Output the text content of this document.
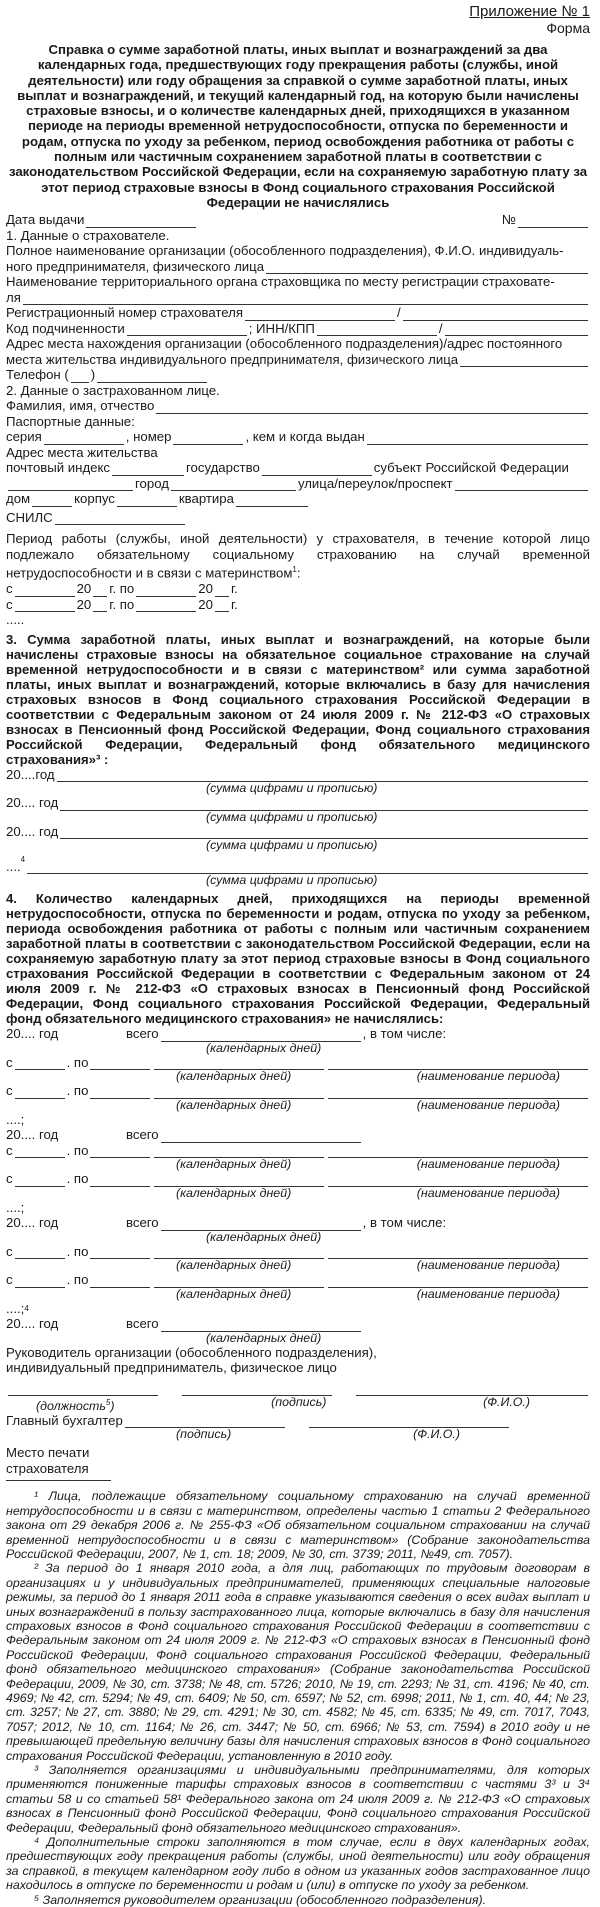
Приложение № 1
Форма
Справка о сумме заработной платы, иных выплат и вознаграждений за два календарных года, предшествующих году прекращения работы (службы, иной деятельности) или году обращения за справкой о сумме заработной платы, иных выплат и вознаграждений, и текущий календарный год, на которую были начислены страховые взносы, и о количестве календарных дней, приходящихся в указанном периоде на периоды временной нетрудоспособности, отпуска по беременности и родам, отпуска по уходу за ребенком, период освобождения работника от работы с полным или частичным сохранением заработной платы в соответствии с законодательством Российской Федерации, если на сохраняемую заработную плату за этот период страховые взносы в Фонд социального страхования Российской Федерации не начислялись
Дата выдачи	№
1. Данные о страхователе.
Полное наименование организации (обособленного подразделения), Ф.И.О. индивидуаль-
ного предпринимателя, физического лица
Наименование территориального органа страховщика по месту регистрации страховате-
ля
Регистрационный номер страхователя	/
Код подчиненности	; ИНН/КПП	/
Адрес места нахождения организации (обособленного подразделения)/адрес постоянного
места жительства индивидуального предпринимателя, физического лица
Телефон ( )
2. Данные о застрахованном лице.
Фамилия, имя, отчество
Паспортные данные:
серия	, номер	, кем и когда выдан
Адрес места жительства
почтовый индекс	государство	субъект Российской Федерации
город	улица/переулок/проспект
дом	корпус	квартира
СНИЛС
Период работы (службы, иной деятельности) у страхователя, в течение которой лицо подлежало обязательному социальному страхованию на случай временной нетрудоспособности и в связи с материнством$^1$:
с	20 г. по	20 г.
с	20 г. по	20 г.
.....
3. Сумма заработной платы, иных выплат и вознаграждений, на которые были начислены страховые взносы на обязательное социальное страхование на случай временной нетрудоспособности и в связи с материнством² или сумма заработной платы, иных выплат и вознаграждений, которые включались в базу для начисления страховых взносов в Фонд социального страхования Российской Федерации в соответствии с Федеральным законом от 24 июля 2009 г. № 212-ФЗ «О страховых взносах в Пенсионный фонд Российской Федерации, Фонд социального страхования Российской Федерации, Федеральный фонд обязательного медицинского страхования»³ :
20....год
(сумма цифрами и прописью)
20.... год
(сумма цифрами и прописью)
20.... год
(сумма цифрами и прописью)
....$^4$
(сумма цифрами и прописью)
4. Количество календарных дней, приходящихся на периоды временной нетрудоспособности, отпуска по беременности и родам, отпуска по уходу за ребенком, периода освобождения работника от работы с полным или частичным сохранением заработной платы в соответствии с законодательством Российской Федерации, если на сохраняемую заработную плату за этот период страховые взносы в Фонд социального страхования Российской Федерации в соответствии с Федеральным законом от 24 июля 2009 г. № 212-ФЗ «О страховых взносах в Пенсионный фонд Российской Федерации, Фонд социального страхования Российской Федерации, Федеральный фонд обязательного медицинского страхования» не начислялись:
20.... год	всего	, в том числе:
(календарных дней)
с	. по
(календарных дней)	(наименование периода)
с	. по
(календарных дней)	(наименование периода)
....;
20.... год	всего
с	. по
(календарных дней)	(наименование периода)
с	. по
(календарных дней)	(наименование периода)
....;
20.... год	всего	, в том числе:
(календарных дней)
с	. по
(календарных дней)	(наименование периода)
с	. по
(календарных дней)	(наименование периода)
....; 4
20.... год	всего
(календарных дней)
Руководитель организации (обособленного подразделения),
индивидуальный предприниматель, физическое лицо
(должность$^5$)	(подпись)	(Ф.И.О.)
Главный бухгалтер
(подпись)	(Ф.И.О.)
Место печати
страхователя
¹ Лица, подлежащие обязательному социальному страхованию на случай временной нетрудоспособности и в связи с материнством, определены частью 1 статьи 2 Федерального закона от 29 декабря 2006 г. № 255-ФЗ «Об обязательном социальном страховании на случай временной нетрудоспособности и в связи с материнством» (Собрание законодательства Российской Федерации, 2007, № 1, ст. 18; 2009, № 30, ст. 3739; 2011, №49, ст. 7057).
² За период до 1 января 2010 года, а для лиц, работающих по трудовым договорам в организациях и у индивидуальных предпринимателей, применяющих специальные налоговые режимы, за период до 1 января 2011 года в справке указываются сведения о всех видах выплат и иных вознаграждений в пользу застрахованного лица, которые включались в базу для начисления страховых взносов в Фонд социального страхования Российской Федерации в соответствии с Федеральным законом от 24 июля 2009 г. № 212-ФЗ «О страховых взносах в Пенсионный фонд Российской Федерации, Фонд социального страхования Российской Федерации, Федеральный фонд обязательного медицинского страхования» (Собрание законодательства Российской Федерации, 2009, № 30, ст. 3738; № 48, ст. 5726; 2010, № 19, ст. 2293; № 31, ст. 4196; № 40, ст. 4969; № 42, ст. 5294; № 49, ст. 6409; № 50, ст. 6597; № 52, ст. 6998; 2011, № 1, ст. 40, 44; № 23, ст. 3257; № 27, ст. 3880; № 29, ст. 4291; № 30, ст. 4582; № 45, ст. 6335; № 49, ст. 7017, 7043, 7057; 2012, № 10, ст. 1164; № 26, ст. 3447; № 50, ст. 6966; № 53, ст. 7594) в 2010 году и не превышающей предельную величину базы для начисления страховых взносов в Фонд социального страхования Российской Федерации, установленную в 2010 году.
³ Заполняется организациями и индивидуальными предпринимателями, для которых применяются пониженные тарифы страховых взносов в соответствии с частями 3³ и 3⁴ статьи 58 и со статьей 58¹ Федерального закона от 24 июля 2009 г. № 212-ФЗ «О страховых взносах в Пенсионный фонд Российской Федерации, Фонд социального страхования Российской Федерации, Федеральный фонд обязательного медицинского страхования».
⁴ Дополнительные строки заполняются в том случае, если в двух календарных годах, предшествующих году прекращения работы (службы, иной деятельности) или году обращения за справкой, в текущем календарном году либо в одном из указанных годов застрахованное лицо находилось в отпуске по беременности и родам и (или) в отпуске по уходу за ребенком.
⁵ Заполняется руководителем организации (обособленного подразделения).
